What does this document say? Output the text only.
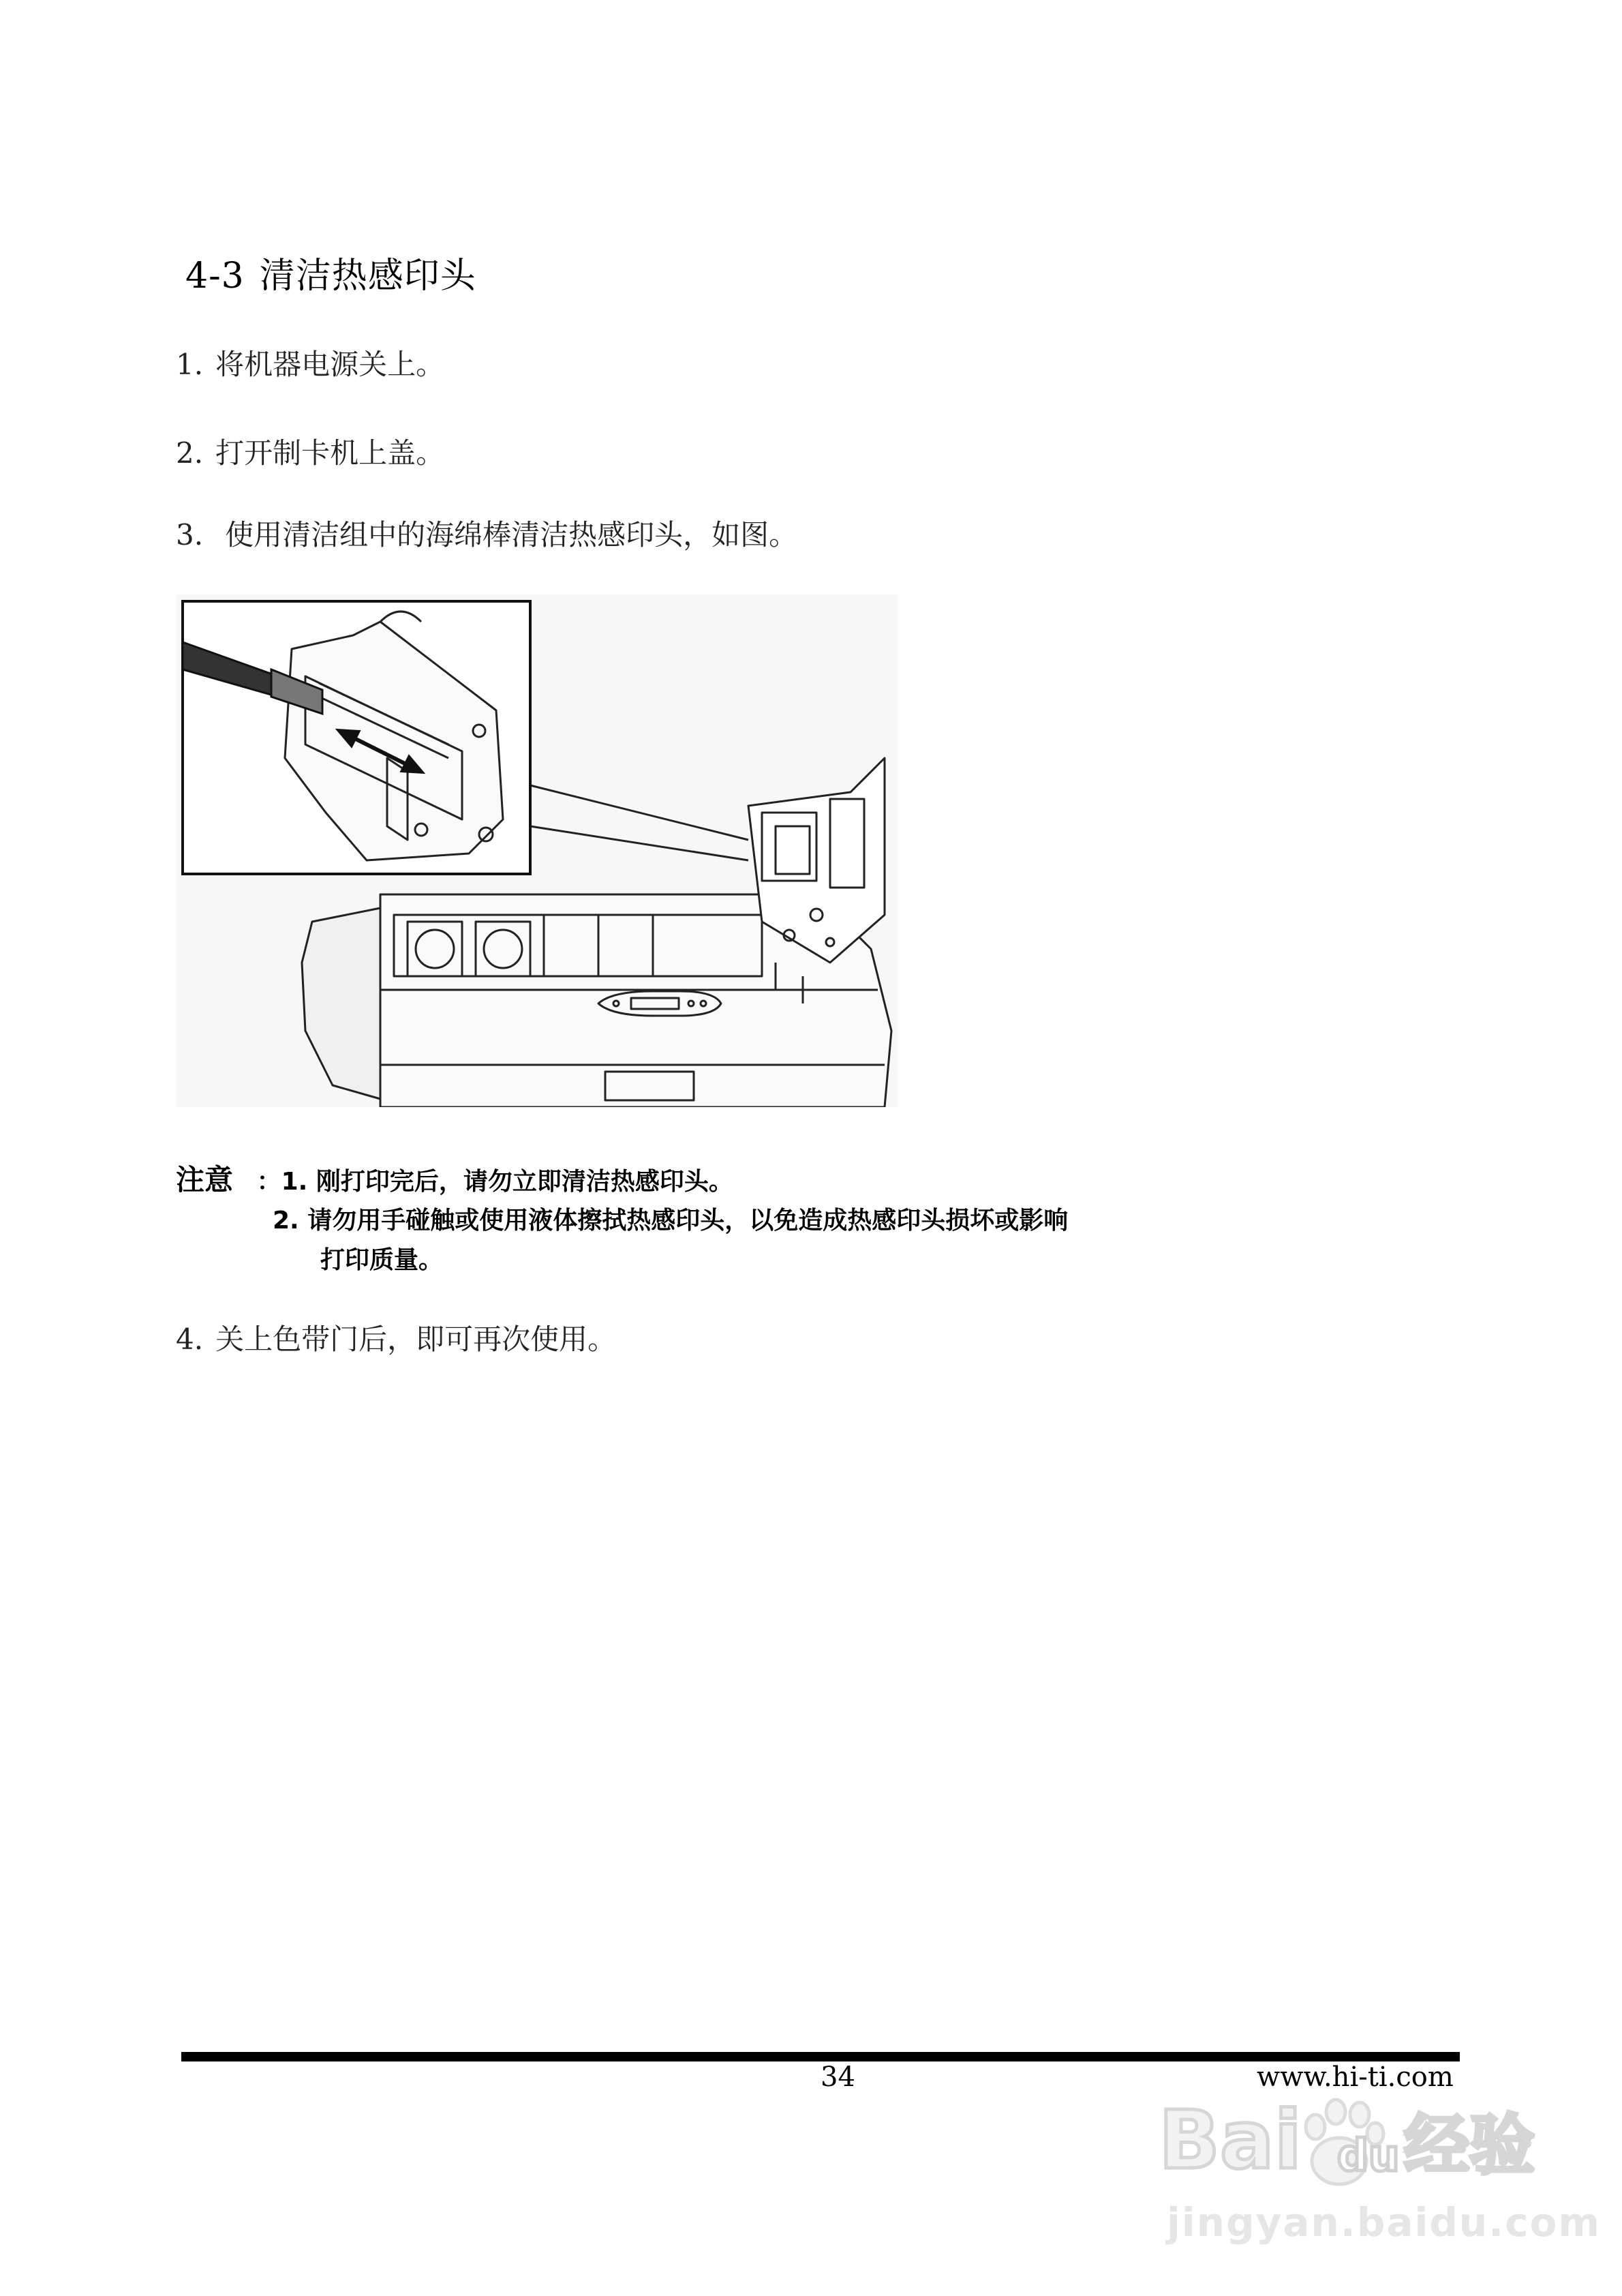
4-3 清洁热感印头
1. 将机器电源关上。
2. 打开制卡机上盖。
3. 使用清洁组中的海绵棒清洁热感印头，如图。
注意 ：1. 刚打印完后，请勿立即清洁热感印头。
2. 请勿用手碰触或使用液体擦拭热感印头，以免造成热感印头损坏或影响
打印质量。
4. 关上色带门后，即可再次使用。
34	www.hi-ti.com
Bai du 经验
jingyan.baidu.com
